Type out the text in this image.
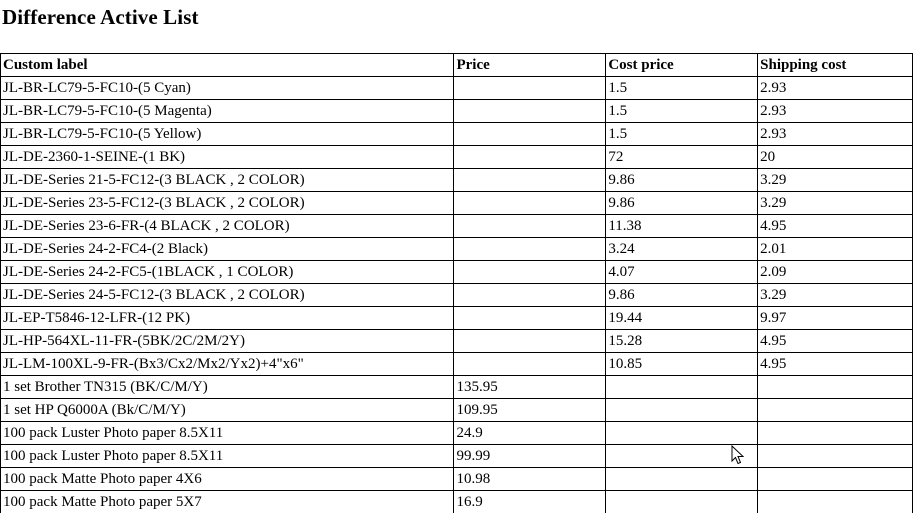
Difference Active List
Custom label	Price	Cost price	Shipping cost
JL-BR-LC79-5-FC10-(5 Cyan)		1.5	2.93
JL-BR-LC79-5-FC10-(5 Magenta)		1.5	2.93
JL-BR-LC79-5-FC10-(5 Yellow)		1.5	2.93
JL-DE-2360-1-SEINE-(1 BK)		72	20
JL-DE-Series 21-5-FC12-(3 BLACK , 2 COLOR)		9.86	3.29
JL-DE-Series 23-5-FC12-(3 BLACK , 2 COLOR)		9.86	3.29
JL-DE-Series 23-6-FR-(4 BLACK , 2 COLOR)		11.38	4.95
JL-DE-Series 24-2-FC4-(2 Black)		3.24	2.01
JL-DE-Series 24-2-FC5-(1BLACK , 1 COLOR)		4.07	2.09
JL-DE-Series 24-5-FC12-(3 BLACK , 2 COLOR)		9.86	3.29
JL-EP-T5846-12-LFR-(12 PK)		19.44	9.97
JL-HP-564XL-11-FR-(5BK/2C/2M/2Y)		15.28	4.95
JL-LM-100XL-9-FR-(Bx3/Cx2/Mx2/Yx2)+4"x6"		10.85	4.95
1 set Brother TN315 (BK/C/M/Y)	135.95		
1 set HP Q6000A (Bk/C/M/Y)	109.95		
100 pack Luster Photo paper 8.5X11	24.9		
100 pack Luster Photo paper 8.5X11	99.99		
100 pack Matte Photo paper 4X6	10.98		
100 pack Matte Photo paper 5X7	16.9		
